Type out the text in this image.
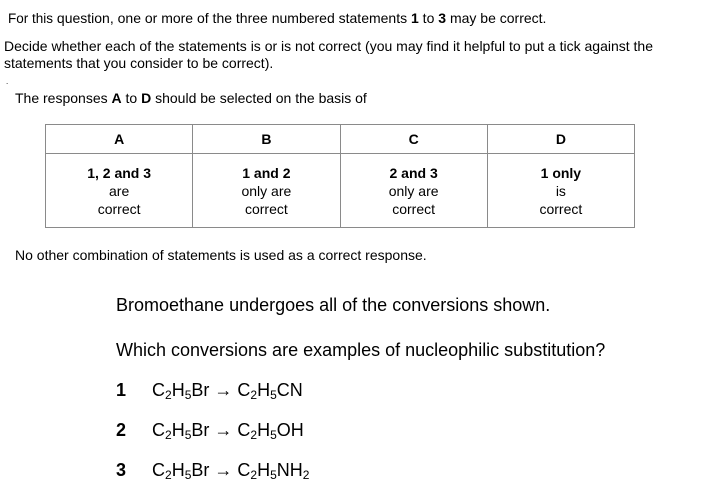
For this question, one or more of the three numbered statements 1 to 3 may be correct.
Decide whether each of the statements is or is not correct (you may find it helpful to put a tick against the statements that you consider to be correct).
.
The responses A to D should be selected on the basis of
A	B	C	D
1, 2 and 3
are
correct	1 and 2
only are
correct	2 and 3
only are
correct	1 only
is
correct
No other combination of statements is used as a correct response.
Bromoethane undergoes all of the conversions shown.
Which conversions are examples of nucleophilic substitution?
1 $C_2H_5Br \to C_2H_5CN$
2 $C_2H_5Br \to C_2H_5OH$
3 $C_2H_5Br \to C_2H_5NH_2$
